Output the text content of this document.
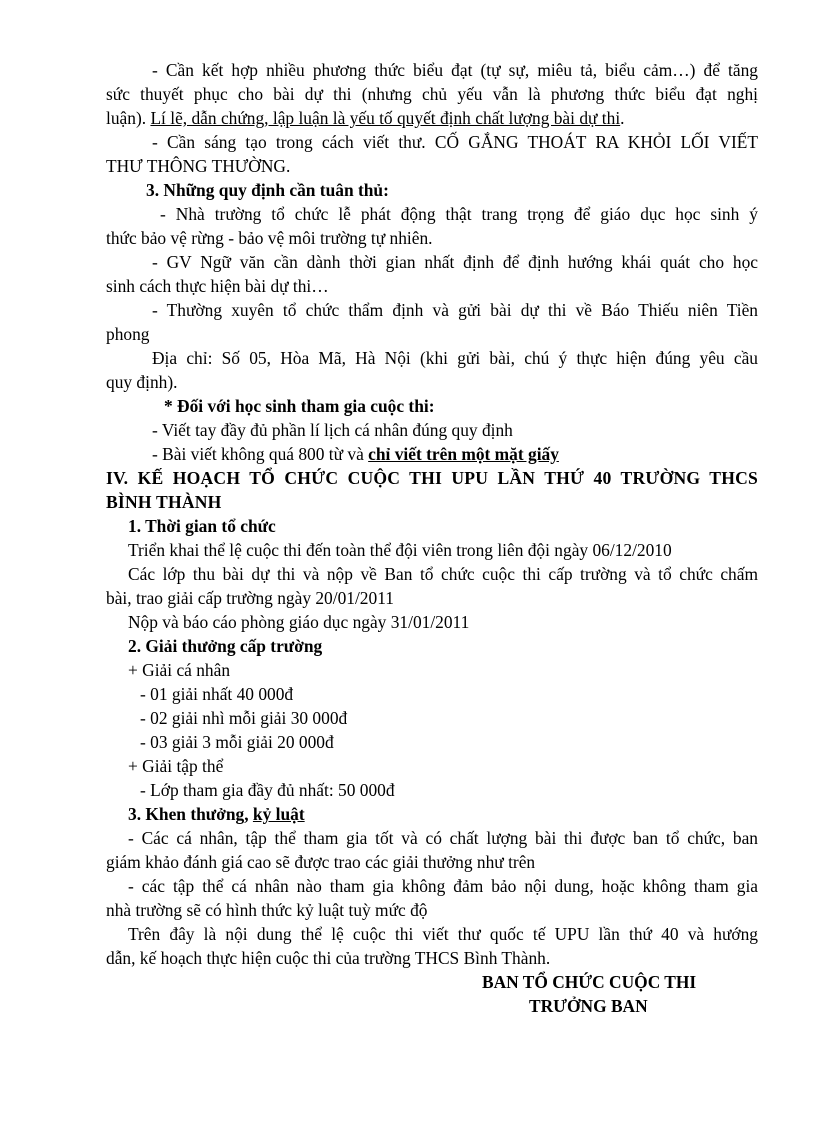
- Cần kết hợp nhiều phương thức biểu đạt (tự sự, miêu tả, biểu cảm…) để tăng
sức thuyết phục cho bài dự thi (nhưng chủ yếu vẫn là phương thức biểu đạt nghị
luận). Lí lẽ, dẫn chứng, lập luận là yếu tố quyết định chất lượng bài dự thi.
- Cần sáng tạo trong cách viết thư. CỐ GẮNG THOÁT RA KHỎI LỐI VIẾT
THƯ THÔNG THƯỜNG.
3. Những quy định cần tuân thủ:
- Nhà trường tổ chức lễ phát động thật trang trọng để giáo dục học sinh ý
thức bảo vệ rừng - bảo vệ môi trường tự nhiên.
- GV Ngữ văn cần dành thời gian nhất định để định hướng khái quát cho học
sinh cách thực hiện bài dự thi…
- Thường xuyên tổ chức thẩm định và gửi bài dự thi về Báo Thiếu niên Tiền
phong
Địa chỉ: Số 05, Hòa Mã, Hà Nội (khi gửi bài, chú ý thực hiện đúng yêu cầu
quy định).
* Đối với học sinh tham gia cuộc thi:
- Viết tay đầy đủ phần lí lịch cá nhân đúng quy định
- Bài viết không quá 800 từ và chỉ viết trên một mặt giấy
IV. KẾ HOẠCH TỔ CHỨC CUỘC THI UPU LẦN THỨ 40 TRƯỜNG THCS
BÌNH THÀNH
1. Thời gian tổ chức
Triển khai thể lệ cuộc thi đến toàn thể đội viên trong liên đội ngày 06/12/2010
Các lớp thu bài dự thi và nộp về Ban tổ chức cuộc thi cấp trường và tổ chức chấm
bài, trao giải cấp trường ngày 20/01/2011
Nộp và báo cáo phòng giáo dục ngày 31/01/2011
2. Giải thưởng cấp trường
+ Giải cá nhân
- 01 giải nhất 40 000đ
- 02 giải nhì mỗi giải 30 000đ
- 03 giải 3 mỗi giải 20 000đ
+ Giải tập thể
- Lớp tham gia đầy đủ nhất: 50 000đ
3. Khen thưởng, kỷ luật
- Các cá nhân, tập thể tham gia tốt và có chất lượng bài thi được ban tổ chức, ban
giám khảo đánh giá cao sẽ được trao các giải thưởng như trên
- các tập thể cá nhân nào tham gia không đảm bảo nội dung, hoặc không tham gia
nhà trường sẽ có hình thức kỷ luật tuỳ mức độ
Trên đây là nội dung thể lệ cuộc thi viết thư quốc tế UPU lần thứ 40 và hướng
dẫn, kế hoạch thực hiện cuộc thi của trường THCS Bình Thành.
BAN TỔ CHỨC CUỘC THI
TRƯỞNG BAN
